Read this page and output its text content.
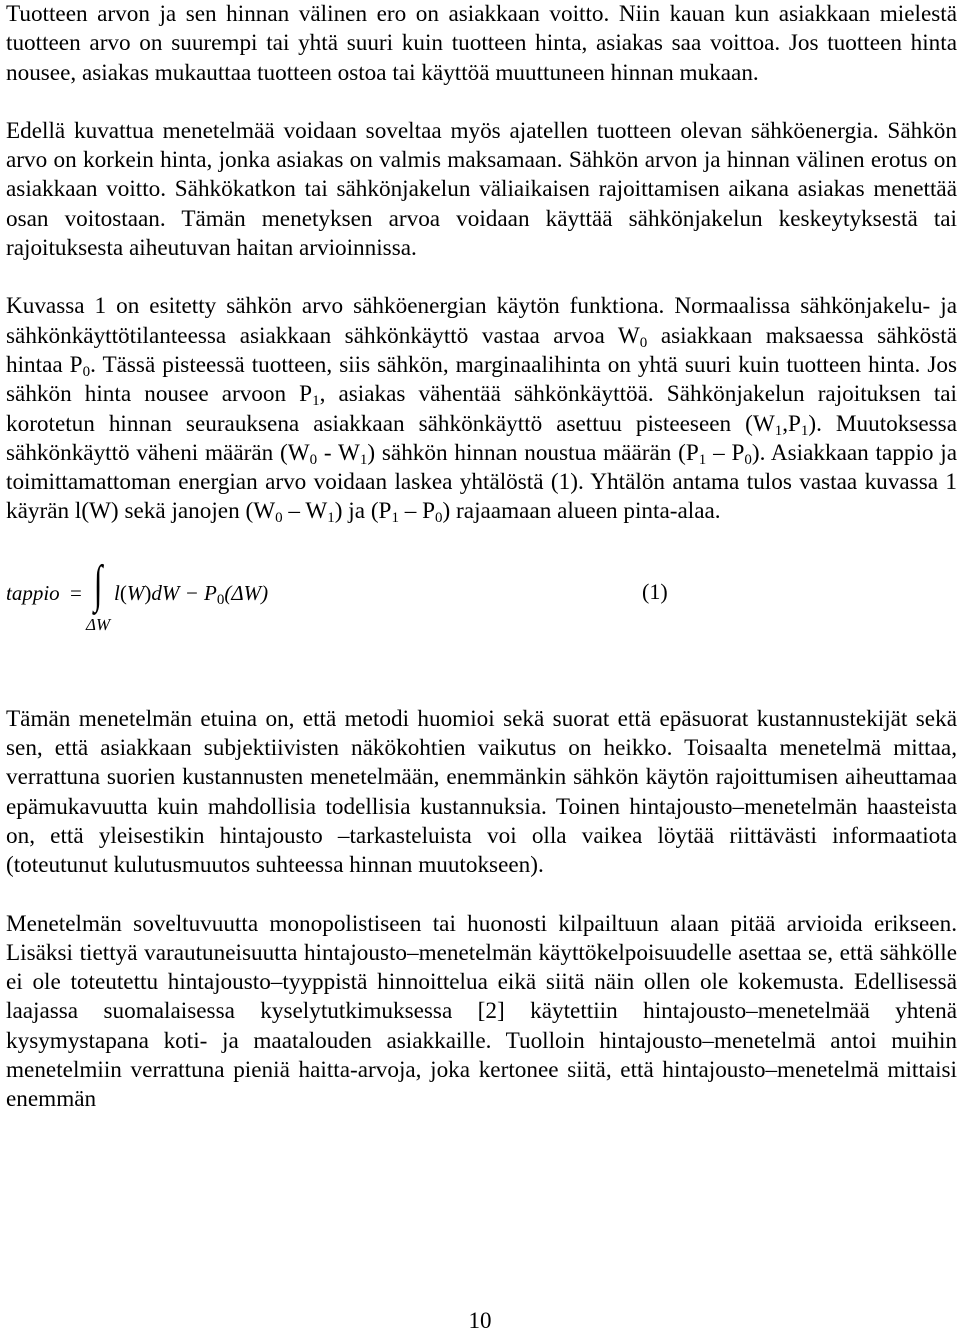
Tuotteen arvon ja sen hinnan välinen ero on asiakkaan voitto. Niin kauan kun asiakkaan mielestä tuotteen arvo on suurempi tai yhtä suuri kuin tuotteen hinta, asiakas saa voittoa. Jos tuotteen hinta nousee, asiakas mukauttaa tuotteen ostoa tai käyttöä muuttuneen hinnan mukaan.

Edellä kuvattua menetelmää voidaan soveltaa myös ajatellen tuotteen olevan sähköenergia. Sähkön arvo on korkein hinta, jonka asiakas on valmis maksamaan. Sähkön arvon ja hinnan välinen erotus on asiakkaan voitto. Sähkökatkon tai sähkönjakelun väliaikaisen rajoittamisen aikana asiakas menettää osan voitostaan. Tämän menetyksen arvoa voidaan käyttää sähkönjakelun keskeytyksestä tai rajoituksesta aiheutuvan haitan arvioinnissa.

Kuvassa 1 on esitetty sähkön arvo sähköenergian käytön funktiona. Normaalissa sähkönjakelu- ja sähkönkäyttötilanteessa asiakkaan sähkönkäyttö vastaa arvoa $W_0$ asiakkaan maksaessa sähköstä hintaa $P_0$. Tässä pisteessä tuotteen, siis sähkön, marginaalihinta on yhtä suuri kuin tuotteen hinta. Jos sähkön hinta nousee arvoon $P_1$, asiakas vähentää sähkönkäyttöä. Sähkönjakelun rajoituksen tai korotetun hinnan seurauksena asiakkaan sähkönkäyttö asettuu pisteeseen $(W_1,P_1)$. Muutoksessa sähkönkäyttö väheni määrän $(W_0 - W_1)$ sähkön hinnan noustua määrän $(P_1 - P_0)$. Asiakkaan tappio ja toimittamattoman energian arvo voidaan laskea yhtälöstä (1). Yhtälön antama tulos vastaa kuvassa 1 käyrän l(W) sekä janojen $(W_0 - W_1)$ ja $(P_1 - P_0)$ rajaamaan alueen pinta-alaa.

tappio = ∫ $l(W)dW - P_0(\Delta W)$
ΔW
(1)

Tämän menetelmän etuina on, että metodi huomioi sekä suorat että epäsuorat kustannustekijät sekä sen, että asiakkaan subjektiivisten näkökohtien vaikutus on heikko. Toisaalta menetelmä mittaa, verrattuna suorien kustannusten menetelmään, enemmänkin sähkön käytön rajoittumisen aiheuttamaa epämukavuutta kuin mahdollisia todellisia kustannuksia. Toinen hintajousto–menetelmän haasteista on, että yleisestikin hintajousto –tarkasteluista voi olla vaikea löytää riittävästi informaatiota (toteutunut kulutusmuutos suhteessa hinnan muutokseen).

Menetelmän soveltuvuutta monopolistiseen tai huonosti kilpailtuun alaan pitää arvioida erikseen. Lisäksi tiettyä varautuneisuutta hintajousto–menetelmän käyttökelpoisuudelle asettaa se, että sähkölle ei ole toteutettu hintajousto–tyyppistä hinnoittelua eikä siitä näin ollen ole kokemusta. Edellisessä laajassa suomalaisessa kyselytutkimuksessa [2] käytettiin hintajousto–menetelmää yhtenä kysymystapana koti- ja maatalouden asiakkaille. Tuolloin hintajousto–menetelmä antoi muihin menetelmiin verrattuna pieniä haitta-arvoja, joka kertonee siitä, että hintajousto–menetelmä mittaisi enemmän

10
